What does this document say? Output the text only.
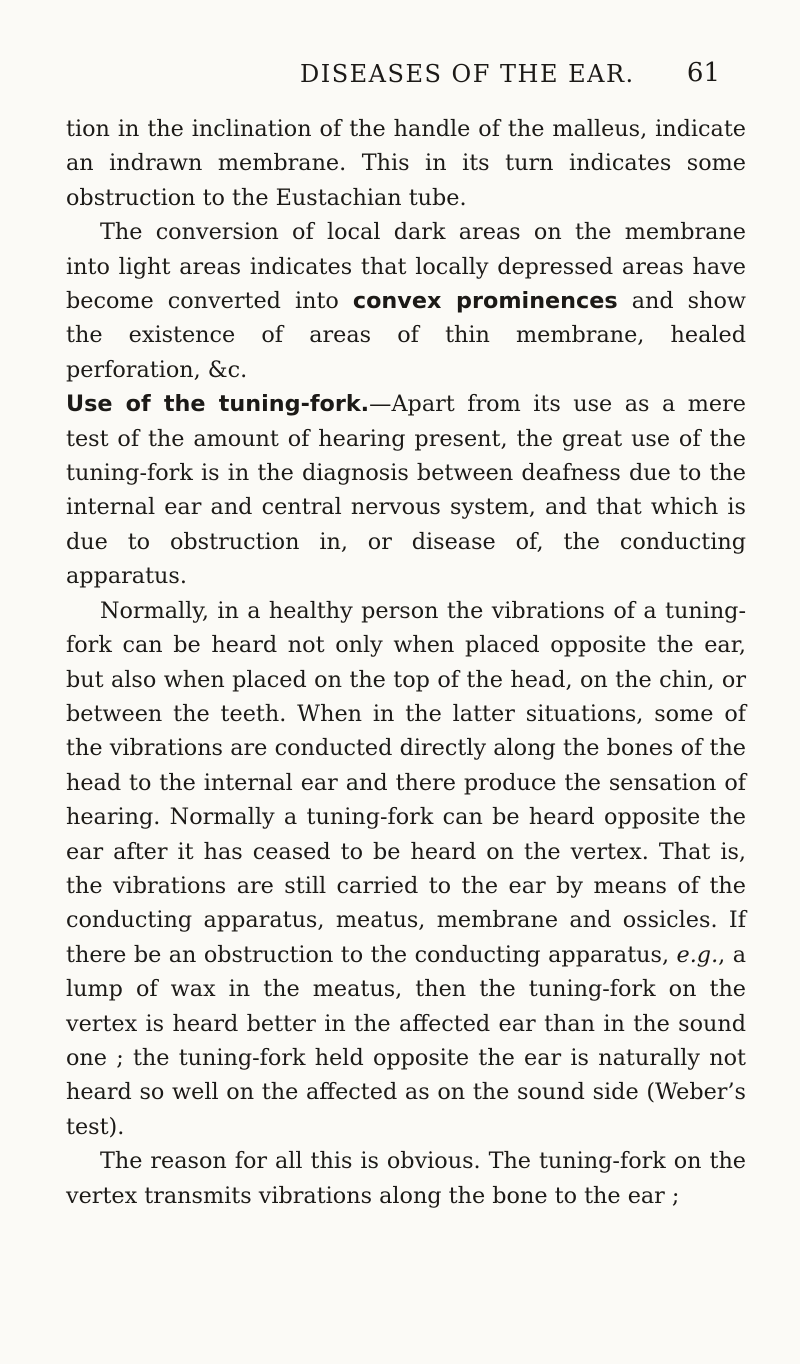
DISEASES OF THE EAR. 61

tion in the inclination of the handle of the malleus, indicate an indrawn membrane. This in its turn indicates some obstruction to the Eustachian tube.

The conversion of local dark areas on the membrane into light areas indicates that locally depressed areas have become converted into convex prominences and show the existence of areas of thin membrane, healed perforation, &c.

Use of the tuning-fork.—Apart from its use as a mere test of the amount of hearing present, the great use of the tuning-fork is in the diagnosis between deafness due to the internal ear and central nervous system, and that which is due to obstruction in, or disease of, the conducting apparatus.

Normally, in a healthy person the vibrations of a tuning-fork can be heard not only when placed opposite the ear, but also when placed on the top of the head, on the chin, or between the teeth. When in the latter situations, some of the vibrations are conducted directly along the bones of the head to the internal ear and there produce the sensation of hearing. Normally a tuning-fork can be heard opposite the ear after it has ceased to be heard on the vertex. That is, the vibrations are still carried to the ear by means of the conducting apparatus, meatus, membrane and ossicles. If there be an obstruction to the conducting apparatus, e.g., a lump of wax in the meatus, then the tuning-fork on the vertex is heard better in the affected ear than in the sound one ; the tuning-fork held opposite the ear is naturally not heard so well on the affected as on the sound side (Weber’s test).

The reason for all this is obvious. The tuning-fork on the vertex transmits vibrations along the bone to the ear ;
